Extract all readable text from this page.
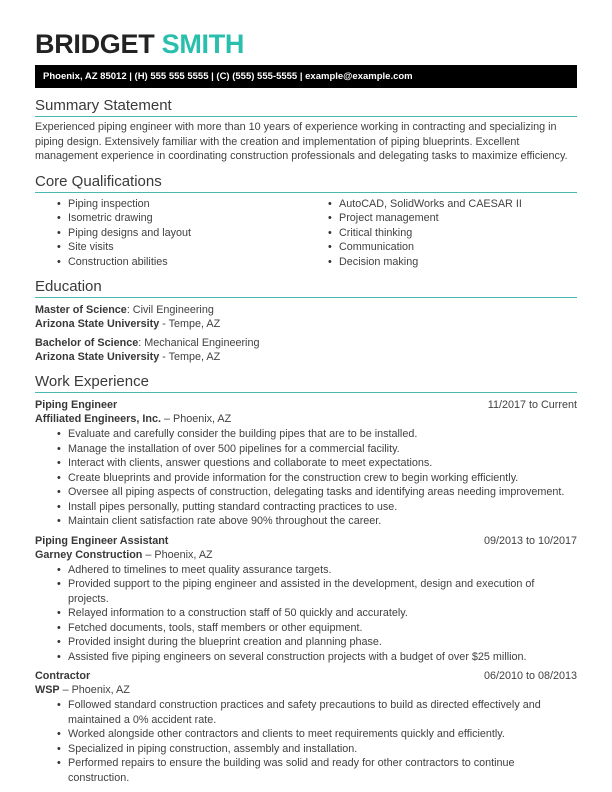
BRIDGET SMITH
Phoenix, AZ 85012 | (H) 555 555 5555 | (C) (555) 555-5555 | example@example.com
Summary Statement
Experienced piping engineer with more than 10 years of experience working in contracting and specializing in piping design. Extensively familiar with the creation and implementation of piping blueprints. Excellent management experience in coordinating construction professionals and delegating tasks to maximize efficiency.
Core Qualifications
• Piping inspection
• Isometric drawing
• Piping designs and layout
• Site visits
• Construction abilities
• AutoCAD, SolidWorks and CAESAR II
• Project management
• Critical thinking
• Communication
• Decision making
Education
Master of Science: Civil Engineering
Arizona State University - Tempe, AZ
Bachelor of Science: Mechanical Engineering
Arizona State University - Tempe, AZ
Work Experience
Piping Engineer	11/2017 to Current
Affiliated Engineers, Inc. – Phoenix, AZ
• Evaluate and carefully consider the building pipes that are to be installed.
• Manage the installation of over 500 pipelines for a commercial facility.
• Interact with clients, answer questions and collaborate to meet expectations.
• Create blueprints and provide information for the construction crew to begin working efficiently.
• Oversee all piping aspects of construction, delegating tasks and identifying areas needing improvement.
• Install pipes personally, putting standard contracting practices to use.
• Maintain client satisfaction rate above 90% throughout the career.
Piping Engineer Assistant	09/2013 to 10/2017
Garney Construction – Phoenix, AZ
• Adhered to timelines to meet quality assurance targets.
• Provided support to the piping engineer and assisted in the development, design and execution of projects.
• Relayed information to a construction staff of 50 quickly and accurately.
• Fetched documents, tools, staff members or other equipment.
• Provided insight during the blueprint creation and planning phase.
• Assisted five piping engineers on several construction projects with a budget of over $25 million.
Contractor	06/2010 to 08/2013
WSP – Phoenix, AZ
• Followed standard construction practices and safety precautions to build as directed effectively and maintained a 0% accident rate.
• Worked alongside other contractors and clients to meet requirements quickly and efficiently.
• Specialized in piping construction, assembly and installation.
• Performed repairs to ensure the building was solid and ready for other contractors to continue construction.
